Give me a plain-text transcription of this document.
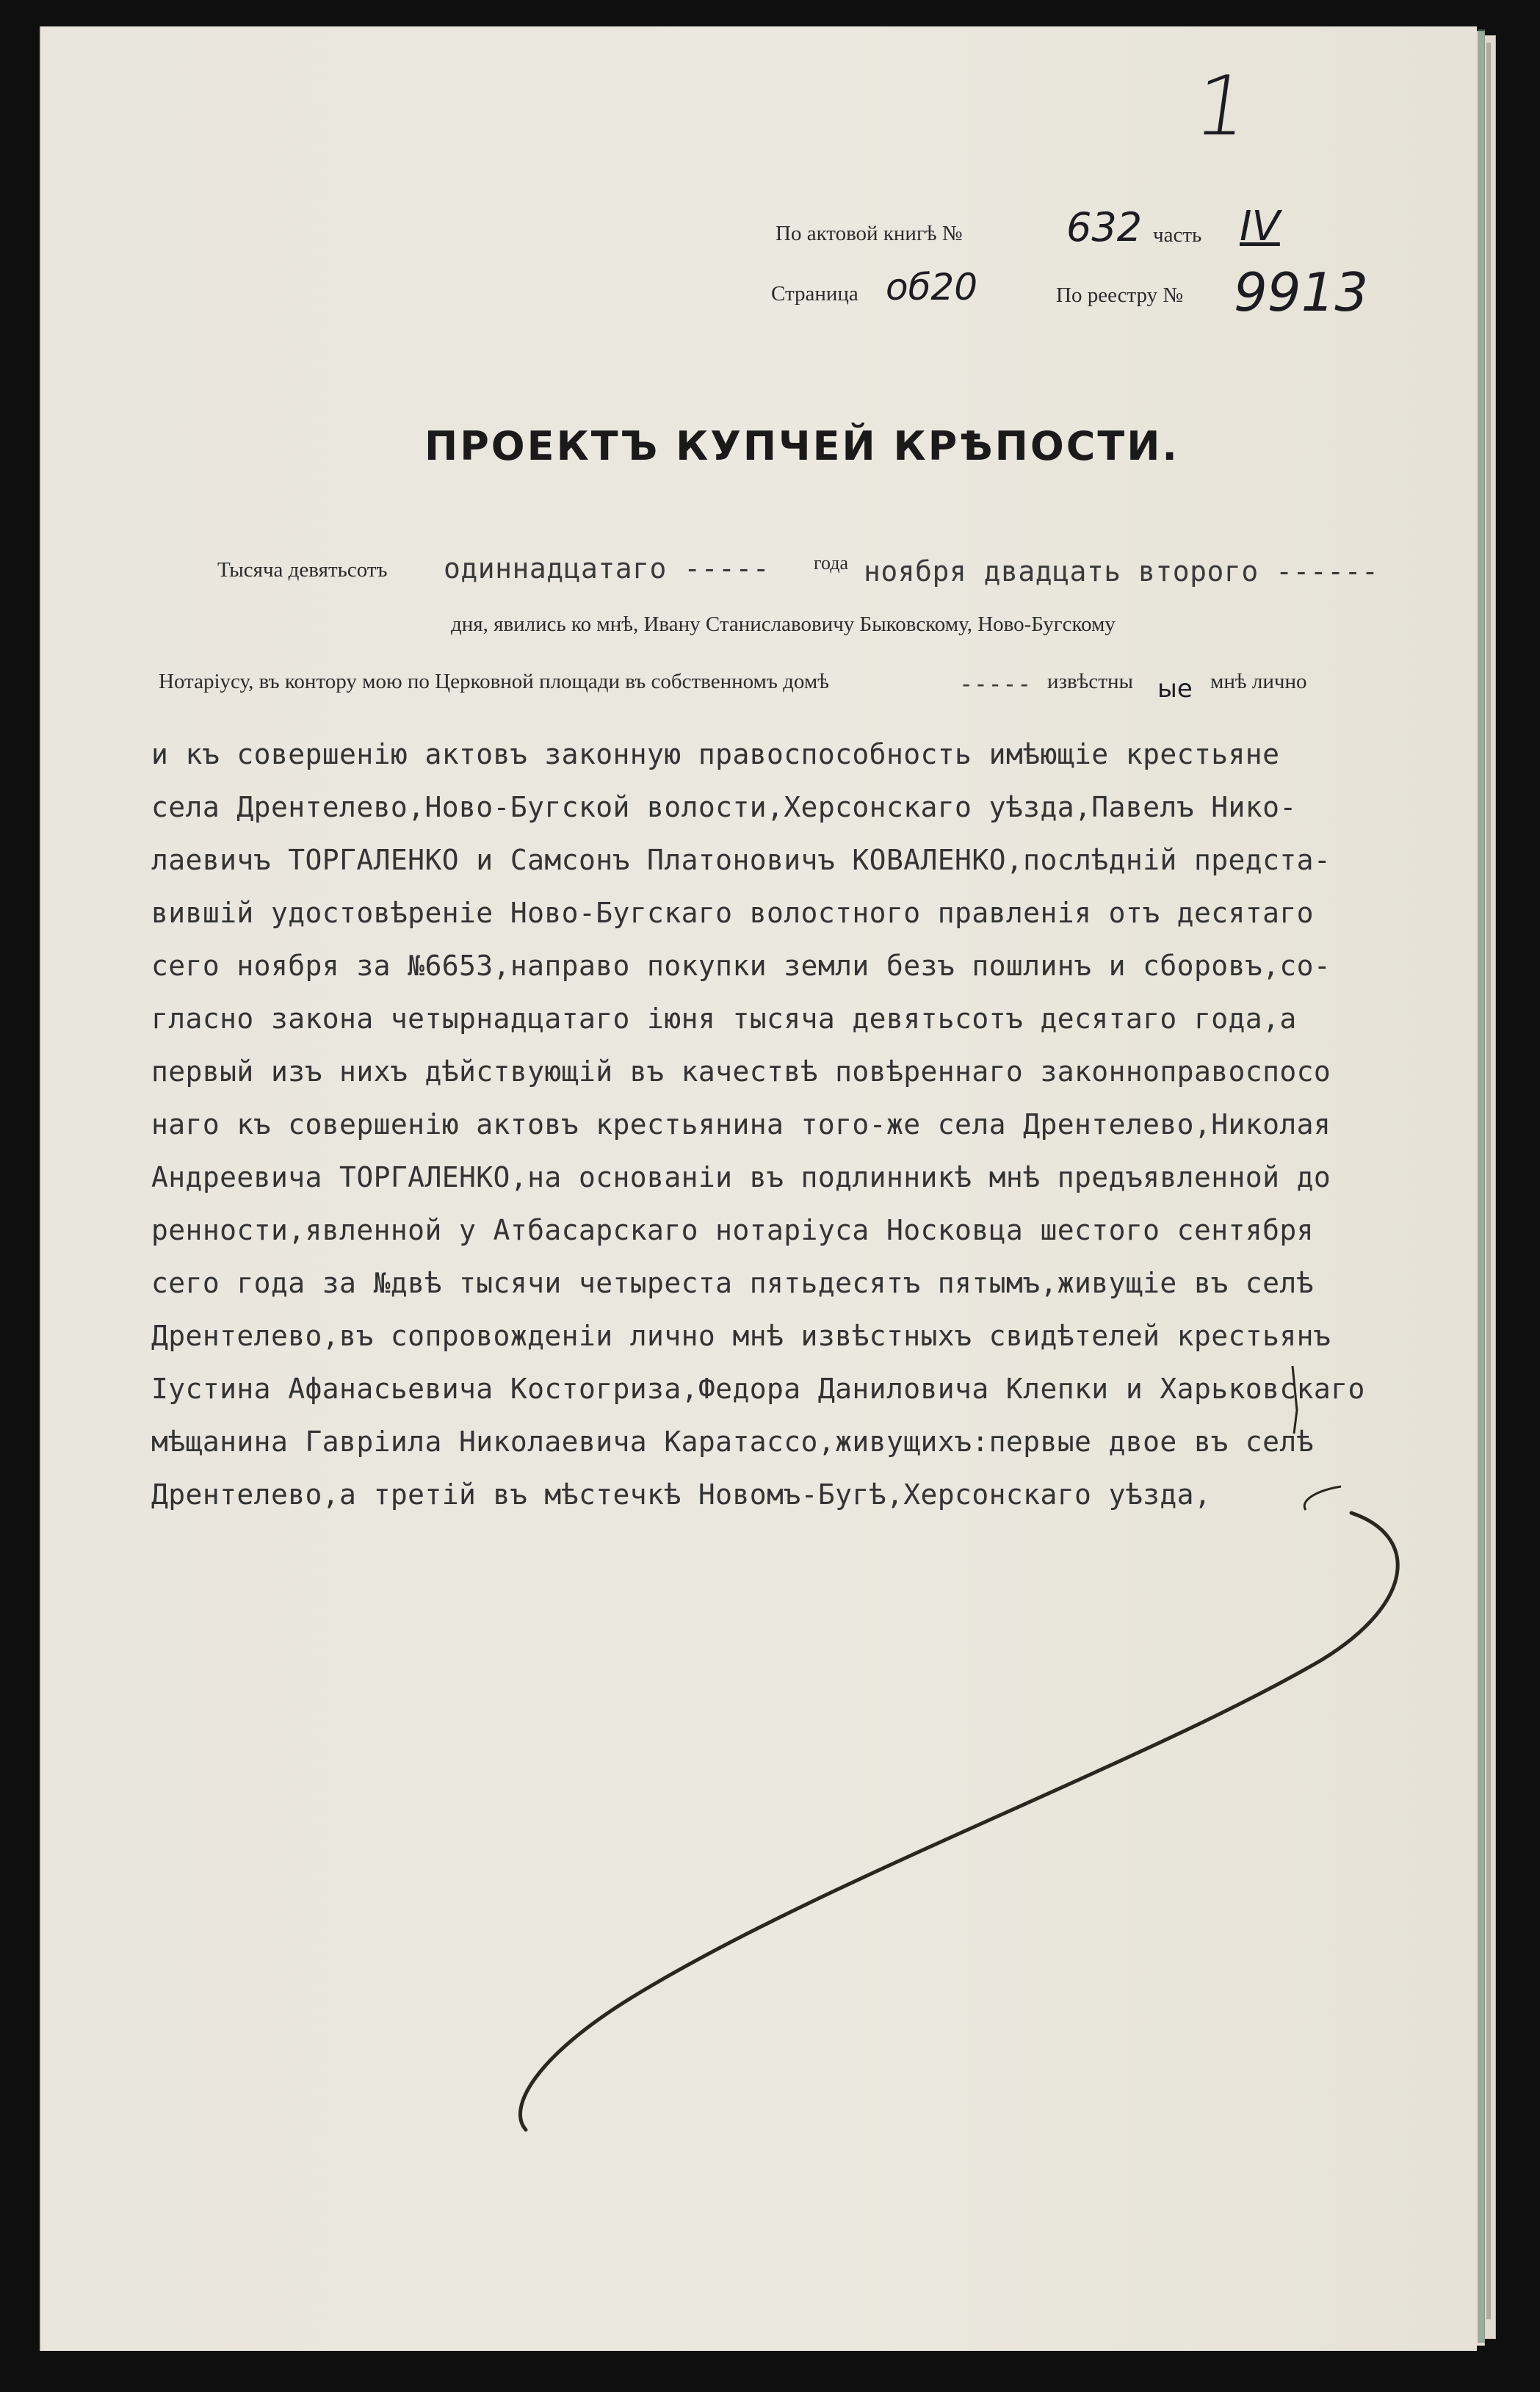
1
По актовой книгѣ №	632 часть IV
Страница об20	По реестру № 9913
ПРОЕКТЪ КУПЧЕЙ КРѢПОСТИ.
Тысяча девятьсотъ одиннадцатаго ----- года ноября двадцать второго ------
дня, явились ко мнѣ, Ивану Станиславовичу Быковскому, Ново-Бугскому
Нотаріусу, въ контору мою по Церковной площади въ собственномъ домѣ	----- извѣстны ые мнѣ лично
и къ совершенію актовъ законную правоспособность имѣющіе крестьяне
села Дрентелево,Ново-Бугской волости,Херсонскаго уѣзда,Павелъ Нико-
лаевичъ ТОРГАЛЕНКО и Самсонъ Платоновичъ КОВАЛЕНКО,послѣдній предста-
вившій удостовѣреніе Ново-Бугскаго волостного правленія отъ десятаго
сего ноября за №6653,направо покупки земли безъ пошлинъ и сборовъ,со-
гласно закона четырнадцатаго іюня тысяча девятьсотъ десятаго года,а
первый изъ нихъ дѣйствующій въ качествѣ повѣреннаго законноправоспосо
наго къ совершенію актовъ крестьянина того-же села Дрентелево,Николая
Андреевича ТОРГАЛЕНКО,на основаніи въ подлинникѣ мнѣ предъявленной до
ренности,явленной у Атбасарскаго нотаріуса Носковца шестого сентября
сего года за №двѣ тысячи четыреста пятьдесятъ пятымъ,живущіе въ селѣ
Дрентелево,въ сопровожденіи лично мнѣ извѣстныхъ свидѣтелей крестьянъ
Іустина Афанасьевича Костогриза,Федора Даниловича Клепки и Харьковскаго
мѣщанина Гавріила Николаевича Каратассо,живущихъ:первые двое въ селѣ
Дрентелево,а третій въ мѣстечкѣ Новомъ-Бугѣ,Херсонскаго уѣзда,
